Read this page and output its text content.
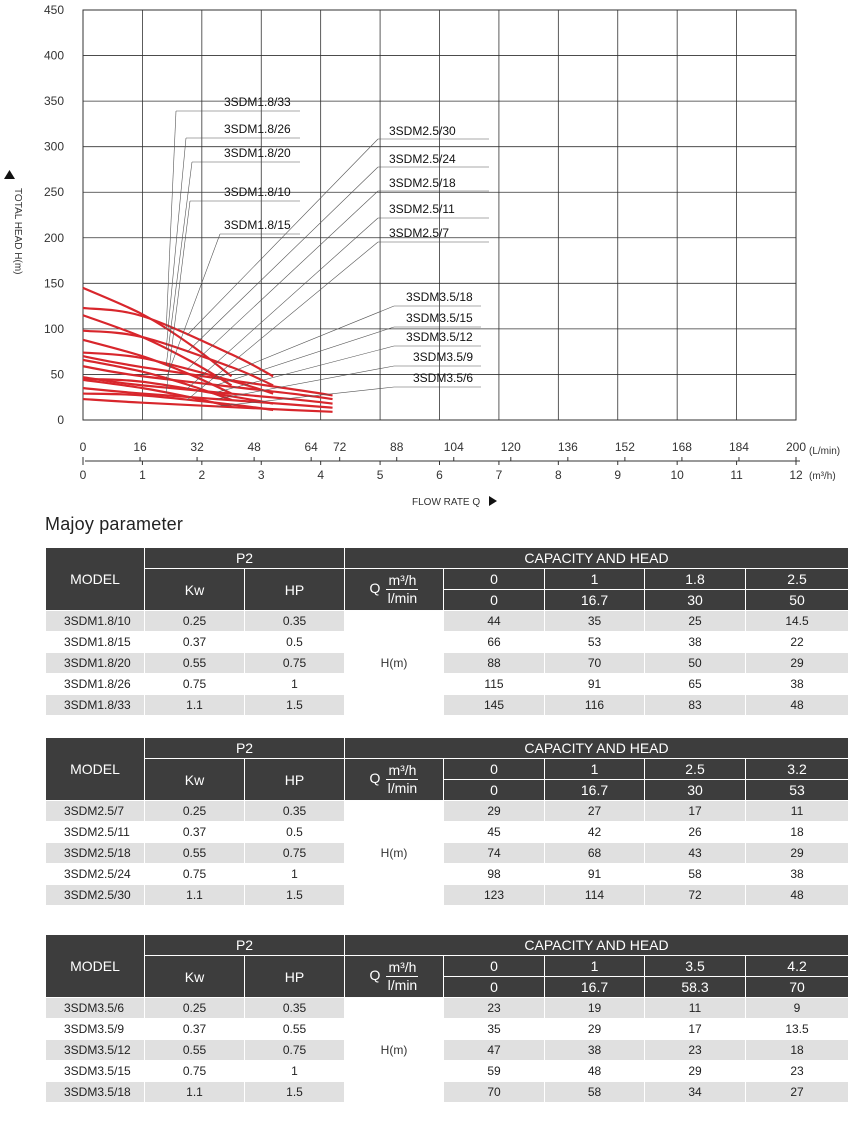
0
50
100
150
200
250
300
350
400
450
TOTAL HEAD H(m)
0	16	32	48	64 72	88	104	120	136	152	168	184	200 (L/min)
0	1	2	3	4	5	6	7	8	9	10	11	12 (m³/h)
FLOW RATE Q
3SDM1.8/33
3SDM1.8/26
3SDM1.8/20
3SDM1.8/10
3SDM1.8/15
3SDM2.5/30
3SDM2.5/24
3SDM2.5/18
3SDM2.5/11
3SDM2.5/7
3SDM3.5/18
3SDM3.5/15
3SDM3.5/12
3SDM3.5/9
3SDM3.5/6
Majoy parameter
MODEL	P2		CAPACITY AND HEAD				
	Kw	HP	Q $\frac{\text{m³/h}}{l/\min}$	0	1	1.8	2.5
				0	16.7	30	50
3SDM1.8/10	0.25	0.35	H(m)	44	35	25	14.5
3SDM1.8/15	0.37	0.5		66	53	38	22
3SDM1.8/20	0.55	0.75		88	70	50	29
3SDM1.8/26	0.75	1		115	91	65	38
3SDM1.8/33	1.1	1.5		145	116	83	48
MODEL	P2		CAPACITY AND HEAD				
	Kw	HP	Q $\frac{\text{m³/h}}{l/\min}$	0	1	2.5	3.2
				0	16.7	30	53
3SDM2.5/7	0.25	0.35	H(m)	29	27	17	11
3SDM2.5/11	0.37	0.5		45	42	26	18
3SDM2.5/18	0.55	0.75		74	68	43	29
3SDM2.5/24	0.75	1		98	91	58	38
3SDM2.5/30	1.1	1.5		123	114	72	48
MODEL	P2		CAPACITY AND HEAD				
	Kw	HP	Q $\frac{\text{m³/h}}{l/\min}$	0	1	3.5	4.2
				0	16.7	58.3	70
3SDM3.5/6	0.25	0.35	H(m)	23	19	11	9
3SDM3.5/9	0.37	0.55		35	29	17	13.5
3SDM3.5/12	0.55	0.75		47	38	23	18
3SDM3.5/15	0.75	1		59	48	29	23
3SDM3.5/18	1.1	1.5		70	58	34	27
